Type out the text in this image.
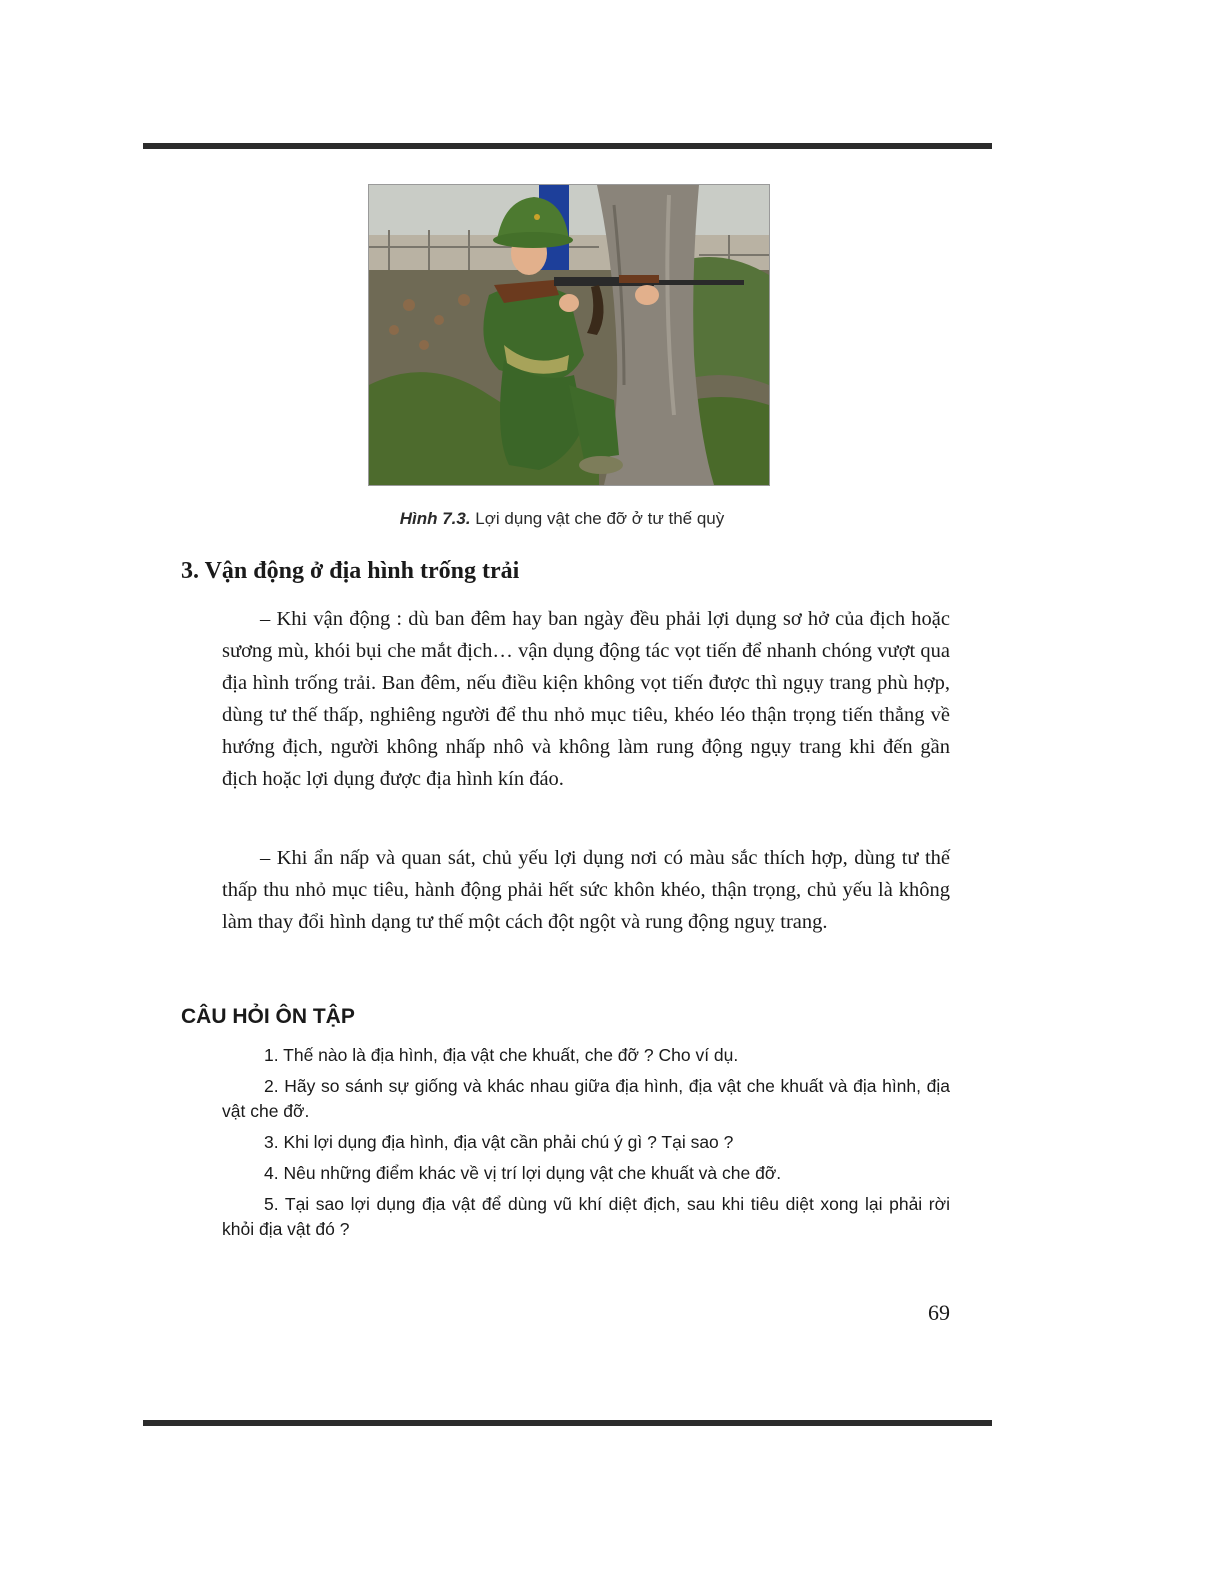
Hình 7.3. Lợi dụng vật che đỡ ở tư thế quỳ
3. Vận động ở địa hình trống trải

– Khi vận động : dù ban đêm hay ban ngày đều phải lợi dụng sơ hở của địch hoặc sương mù, khói bụi che mắt địch… vận dụng động tác vọt tiến để nhanh chóng vượt qua địa hình trống trải. Ban đêm, nếu điều kiện không vọt tiến được thì ngụy trang phù hợp, dùng tư thế thấp, nghiêng người để thu nhỏ mục tiêu, khéo léo thận trọng tiến thẳng về hướng địch, người không nhấp nhô và không làm rung động ngụy trang khi đến gần địch hoặc lợi dụng được địa hình kín đáo.

– Khi ẩn nấp và quan sát, chủ yếu lợi dụng nơi có màu sắc thích hợp, dùng tư thế thấp thu nhỏ mục tiêu, hành động phải hết sức khôn khéo, thận trọng, chủ yếu là không làm thay đổi hình dạng tư thế một cách đột ngột và rung động nguỵ trang.

CÂU HỎI ÔN TẬP
1. Thế nào là địa hình, địa vật che khuất, che đỡ ? Cho ví dụ.
2. Hãy so sánh sự giống và khác nhau giữa địa hình, địa vật che khuất và địa hình, địa vật che đỡ.
3. Khi lợi dụng địa hình, địa vật cần phải chú ý gì ? Tại sao ?
4. Nêu những điểm khác về vị trí lợi dụng vật che khuất và che đỡ.
5. Tại sao lợi dụng địa vật để dùng vũ khí diệt địch, sau khi tiêu diệt xong lại phải rời khỏi địa vật đó ?
69
